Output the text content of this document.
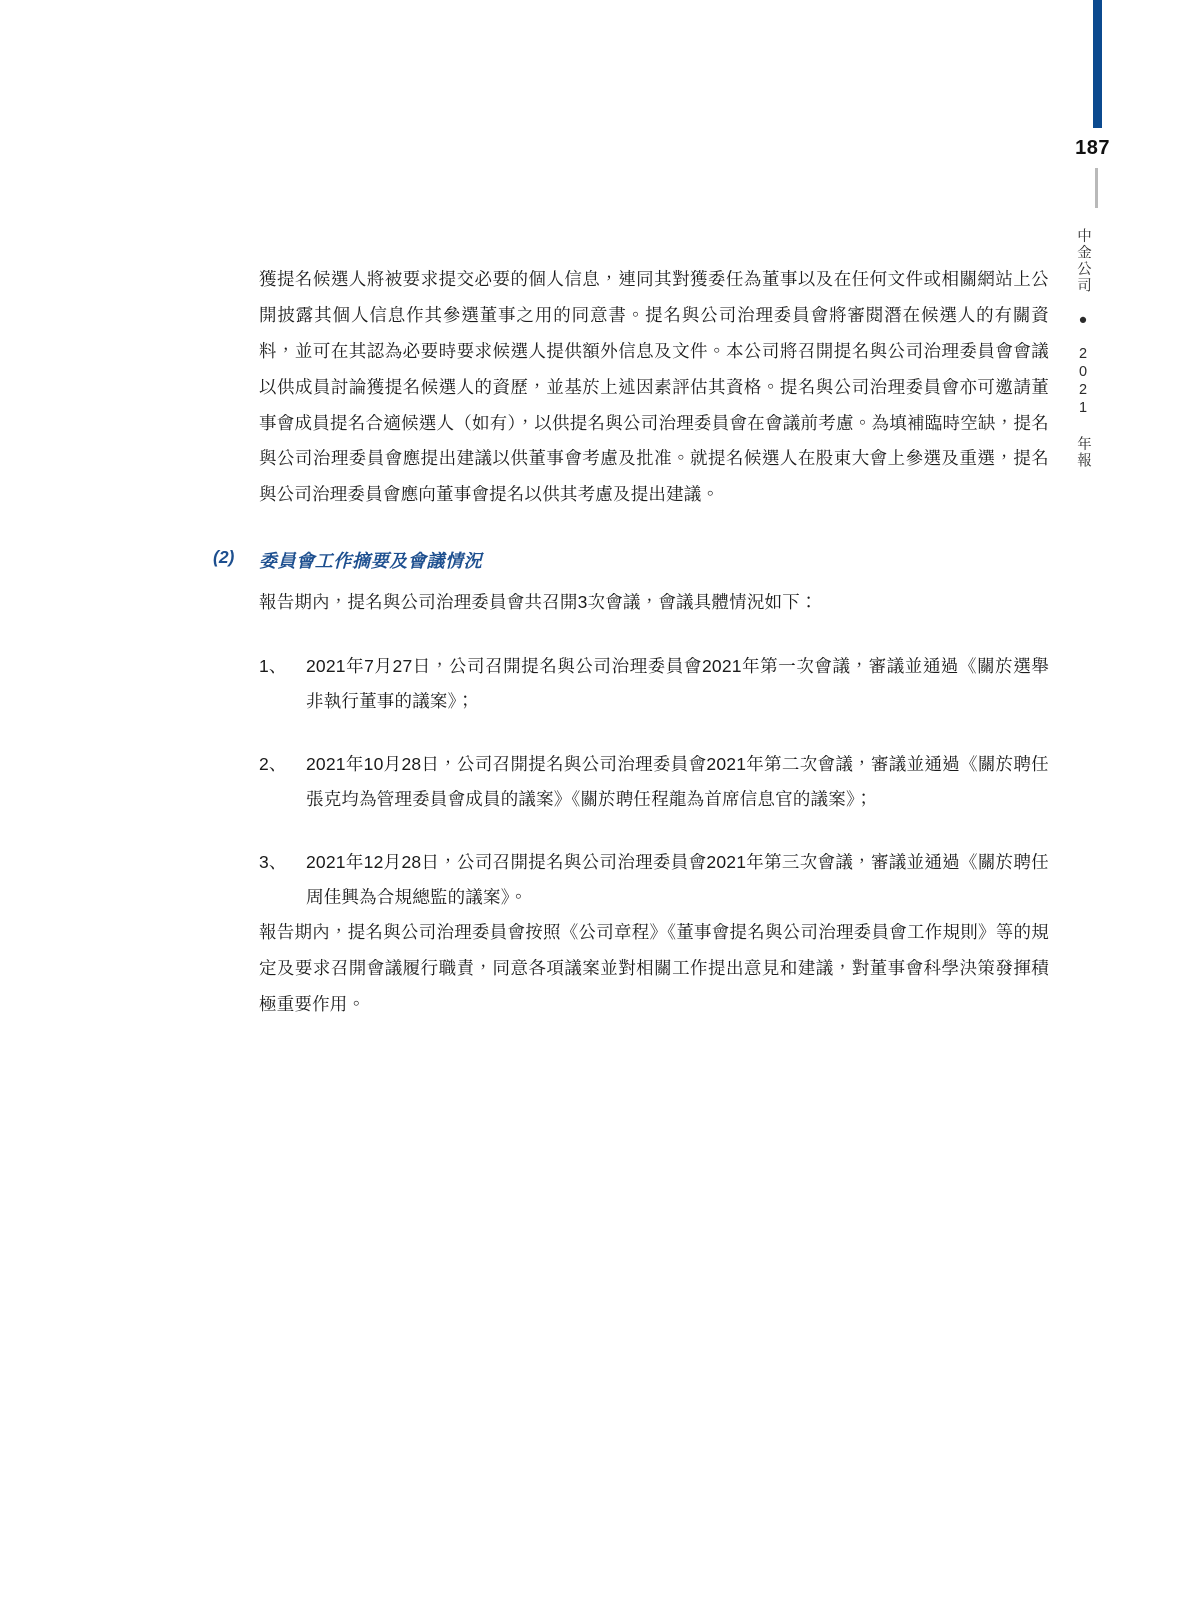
187
中金公司 ● 2021 年報

獲提名候選人將被要求提交必要的個人信息，連同其對獲委任為董事以及在任何文件或相關網站上公開披露其個人信息作其參選董事之用的同意書。提名與公司治理委員會將審閱潛在候選人的有關資料，並可在其認為必要時要求候選人提供額外信息及文件。本公司將召開提名與公司治理委員會會議以供成員討論獲提名候選人的資歷，並基於上述因素評估其資格。提名與公司治理委員會亦可邀請董事會成員提名合適候選人（如有），以供提名與公司治理委員會在會議前考慮。為填補臨時空缺，提名與公司治理委員會應提出建議以供董事會考慮及批准。就提名候選人在股東大會上參選及重選，提名與公司治理委員會應向董事會提名以供其考慮及提出建議。

(2) 委員會工作摘要及會議情況

報告期內，提名與公司治理委員會共召開3次會議，會議具體情況如下：

1、	2021年7月27日，公司召開提名與公司治理委員會2021年第一次會議，審議並通過《關於選舉非執行董事的議案》；
2、	2021年10月28日，公司召開提名與公司治理委員會2021年第二次會議，審議並通過《關於聘任張克均為管理委員會成員的議案》《關於聘任程龍為首席信息官的議案》；
3、	2021年12月28日，公司召開提名與公司治理委員會2021年第三次會議，審議並通過《關於聘任周佳興為合規總監的議案》。

報告期內，提名與公司治理委員會按照《公司章程》《董事會提名與公司治理委員會工作規則》等的規定及要求召開會議履行職責，同意各項議案並對相關工作提出意見和建議，對董事會科學決策發揮積極重要作用。
